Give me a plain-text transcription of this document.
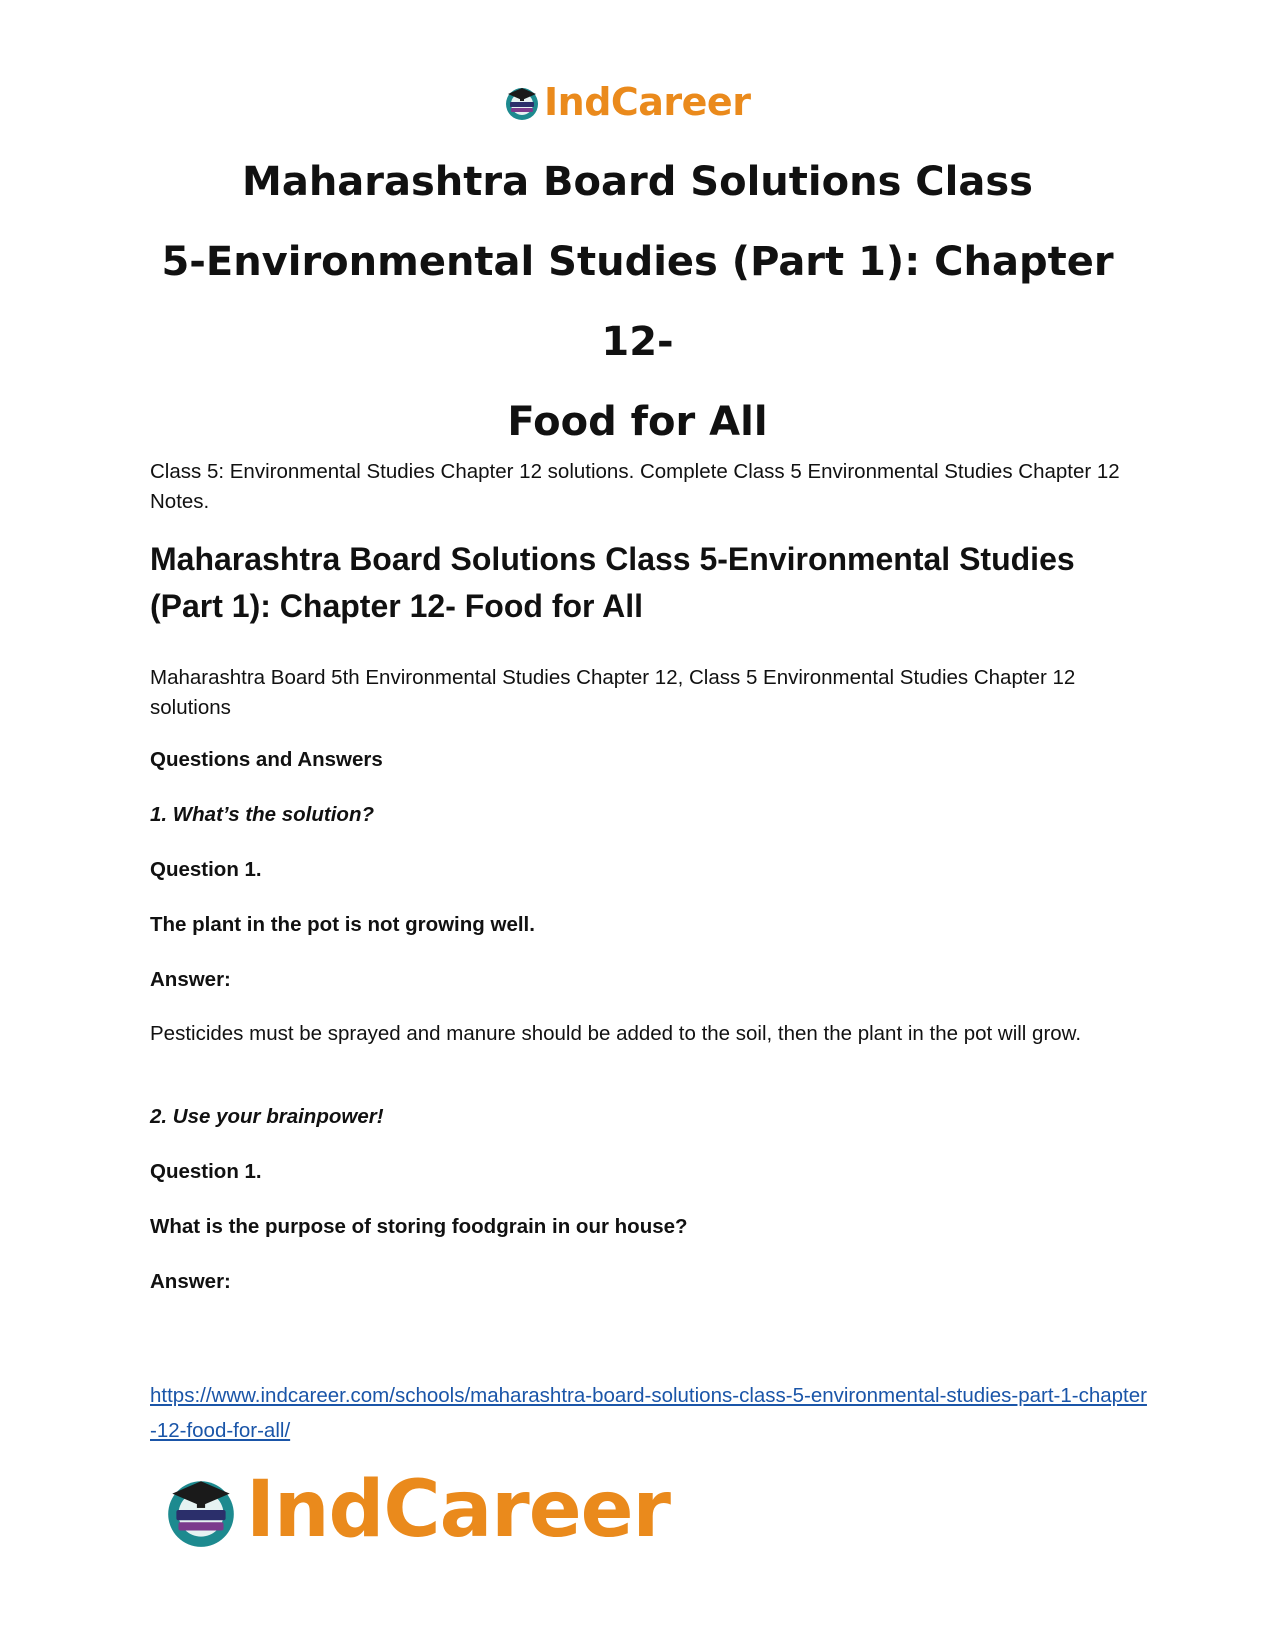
IndCareer
Maharashtra Board Solutions Class
5-Environmental Studies (Part 1): Chapter 12-
Food for All

Class 5: Environmental Studies Chapter 12 solutions. Complete Class 5 Environmental Studies Chapter 12 Notes.

Maharashtra Board Solutions Class 5-Environmental Studies (Part 1): Chapter 12- Food for All

Maharashtra Board 5th Environmental Studies Chapter 12, Class 5 Environmental Studies Chapter 12 solutions

Questions and Answers

1. What’s the solution?

Question 1.

The plant in the pot is not growing well.

Answer:

Pesticides must be sprayed and manure should be added to the soil, then the plant in the pot will grow.

2. Use your brainpower!

Question 1.

What is the purpose of storing foodgrain in our house?

Answer:

https://www.indcareer.com/schools/maharashtra-board-solutions-class-5-environmental-studies-part-1-chapter-12-food-for-all/
IndCareer
